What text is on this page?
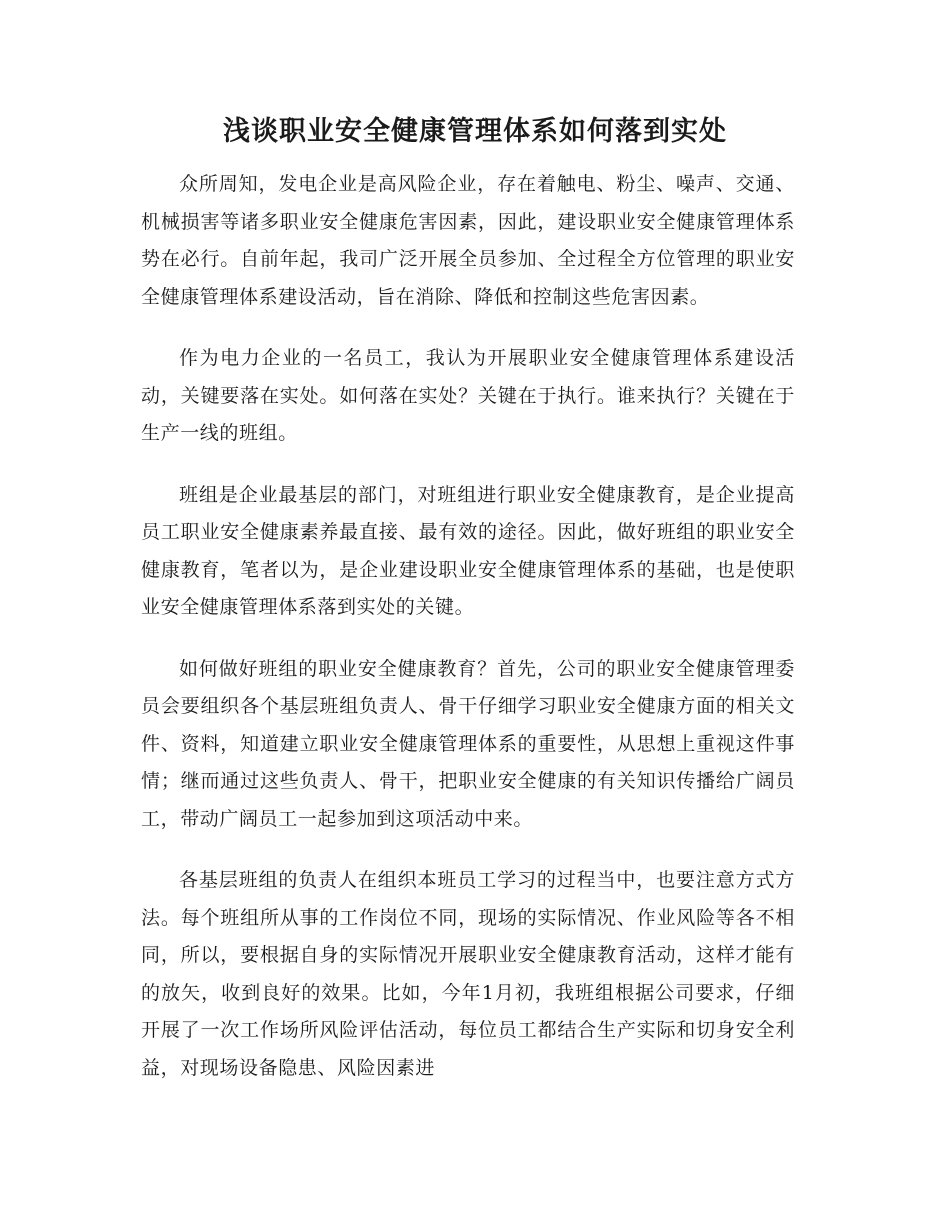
浅谈职业安全健康管理体系如何落到实处

众所周知，发电企业是高风险企业，存在着触电、粉尘、噪声、交通、机械损害等诸多职业安全健康危害因素，因此，建设职业安全健康管理体系势在必行。自前年起，我司广泛开展全员参加、全过程全方位管理的职业安全健康管理体系建设活动，旨在消除、降低和控制这些危害因素。

作为电力企业的一名员工，我认为开展职业安全健康管理体系建设活动，关键要落在实处。如何落在实处？关键在于执行。谁来执行？关键在于生产一线的班组。

班组是企业最基层的部门，对班组进行职业安全健康教育，是企业提高员工职业安全健康素养最直接、最有效的途径。因此，做好班组的职业安全健康教育，笔者以为，是企业建设职业安全健康管理体系的基础，也是使职业安全健康管理体系落到实处的关键。

如何做好班组的职业安全健康教育？首先，公司的职业安全健康管理委员会要组织各个基层班组负责人、骨干仔细学习职业安全健康方面的相关文件、资料，知道建立职业安全健康管理体系的重要性，从思想上重视这件事情；继而通过这些负责人、骨干，把职业安全健康的有关知识传播给广阔员工，带动广阔员工一起参加到这项活动中来。

各基层班组的负责人在组织本班员工学习的过程当中，也要注意方式方法。每个班组所从事的工作岗位不同，现场的实际情况、作业风险等各不相同，所以，要根据自身的实际情况开展职业安全健康教育活动，这样才能有的放矢，收到良好的效果。比如，今年1月初，我班组根据公司要求，仔细开展了一次工作场所风险评估活动，每位员工都结合生产实际和切身安全利益，对现场设备隐患、风险因素进
